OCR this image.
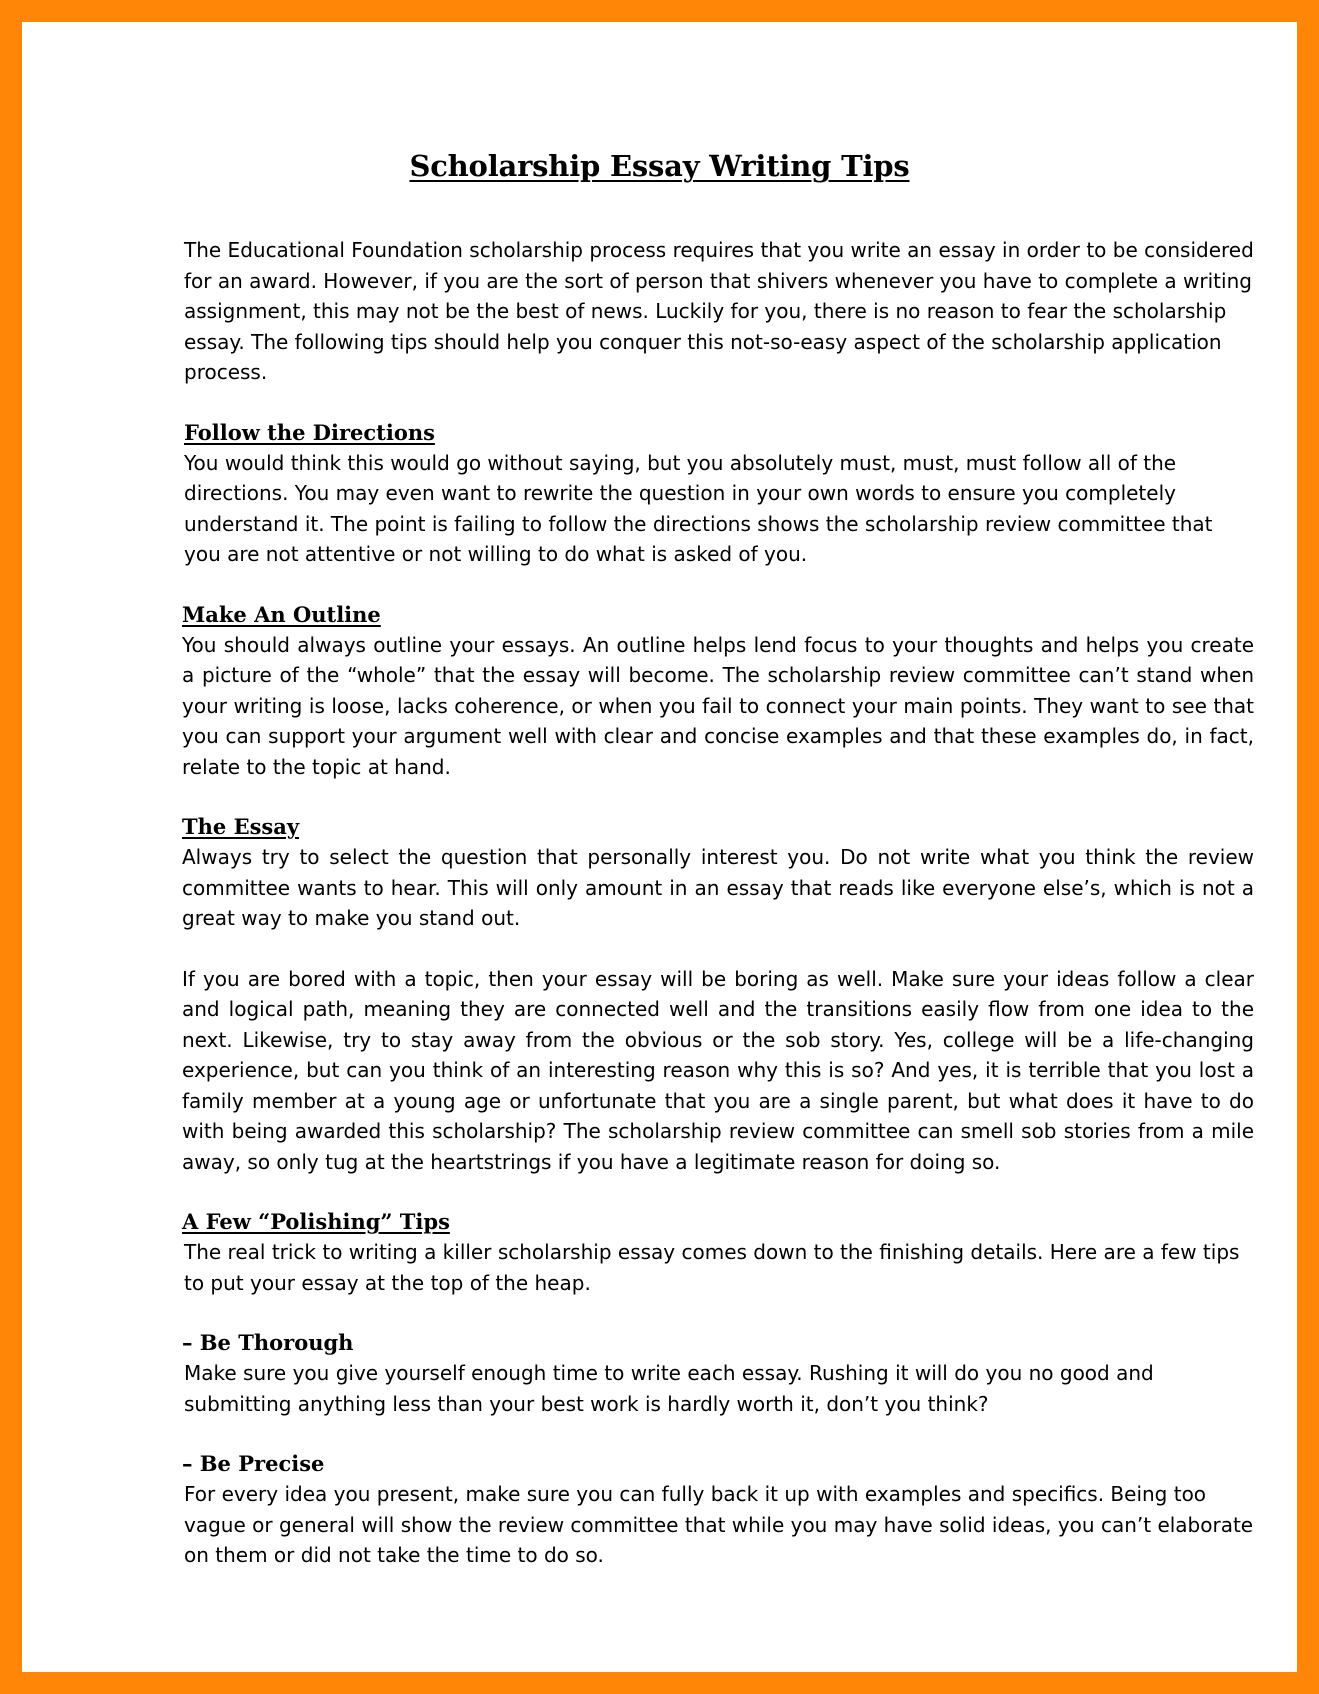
Scholarship Essay Writing Tips

The Educational Foundation scholarship process requires that you write an essay in order to be considered for an award. However, if you are the sort of person that shivers whenever you have to complete a writing assignment, this may not be the best of news. Luckily for you, there is no reason to fear the scholarship essay. The following tips should help you conquer this not-so-easy aspect of the scholarship application process.

Follow the Directions

You would think this would go without saying, but you absolutely must, must, must follow all of the directions. You may even want to rewrite the question in your own words to ensure you completely understand it. The point is failing to follow the directions shows the scholarship review committee that you are not attentive or not willing to do what is asked of you.

Make An Outline

You should always outline your essays. An outline helps lend focus to your thoughts and helps you create a picture of the “whole” that the essay will become. The scholarship review committee can’t stand when your writing is loose, lacks coherence, or when you fail to connect your main points. They want to see that you can support your argument well with clear and concise examples and that these examples do, in fact, relate to the topic at hand.

The Essay

Always try to select the question that personally interest you. Do not write what you think the review committee wants to hear. This will only amount in an essay that reads like everyone else’s, which is not a great way to make you stand out.

If you are bored with a topic, then your essay will be boring as well. Make sure your ideas follow a clear and logical path, meaning they are connected well and the transitions easily flow from one idea to the next. Likewise, try to stay away from the obvious or the sob story. Yes, college will be a life-changing experience, but can you think of an interesting reason why this is so? And yes, it is terrible that you lost a family member at a young age or unfortunate that you are a single parent, but what does it have to do with being awarded this scholarship? The scholarship review committee can smell sob stories from a mile away, so only tug at the heartstrings if you have a legitimate reason for doing so.

A Few “Polishing” Tips

The real trick to writing a killer scholarship essay comes down to the finishing details. Here are a few tips to put your essay at the top of the heap.

– Be Thorough

Make sure you give yourself enough time to write each essay. Rushing it will do you no good and submitting anything less than your best work is hardly worth it, don’t you think?

– Be Precise

For every idea you present, make sure you can fully back it up with examples and specifics. Being too vague or general will show the review committee that while you may have solid ideas, you can’t elaborate on them or did not take the time to do so.
